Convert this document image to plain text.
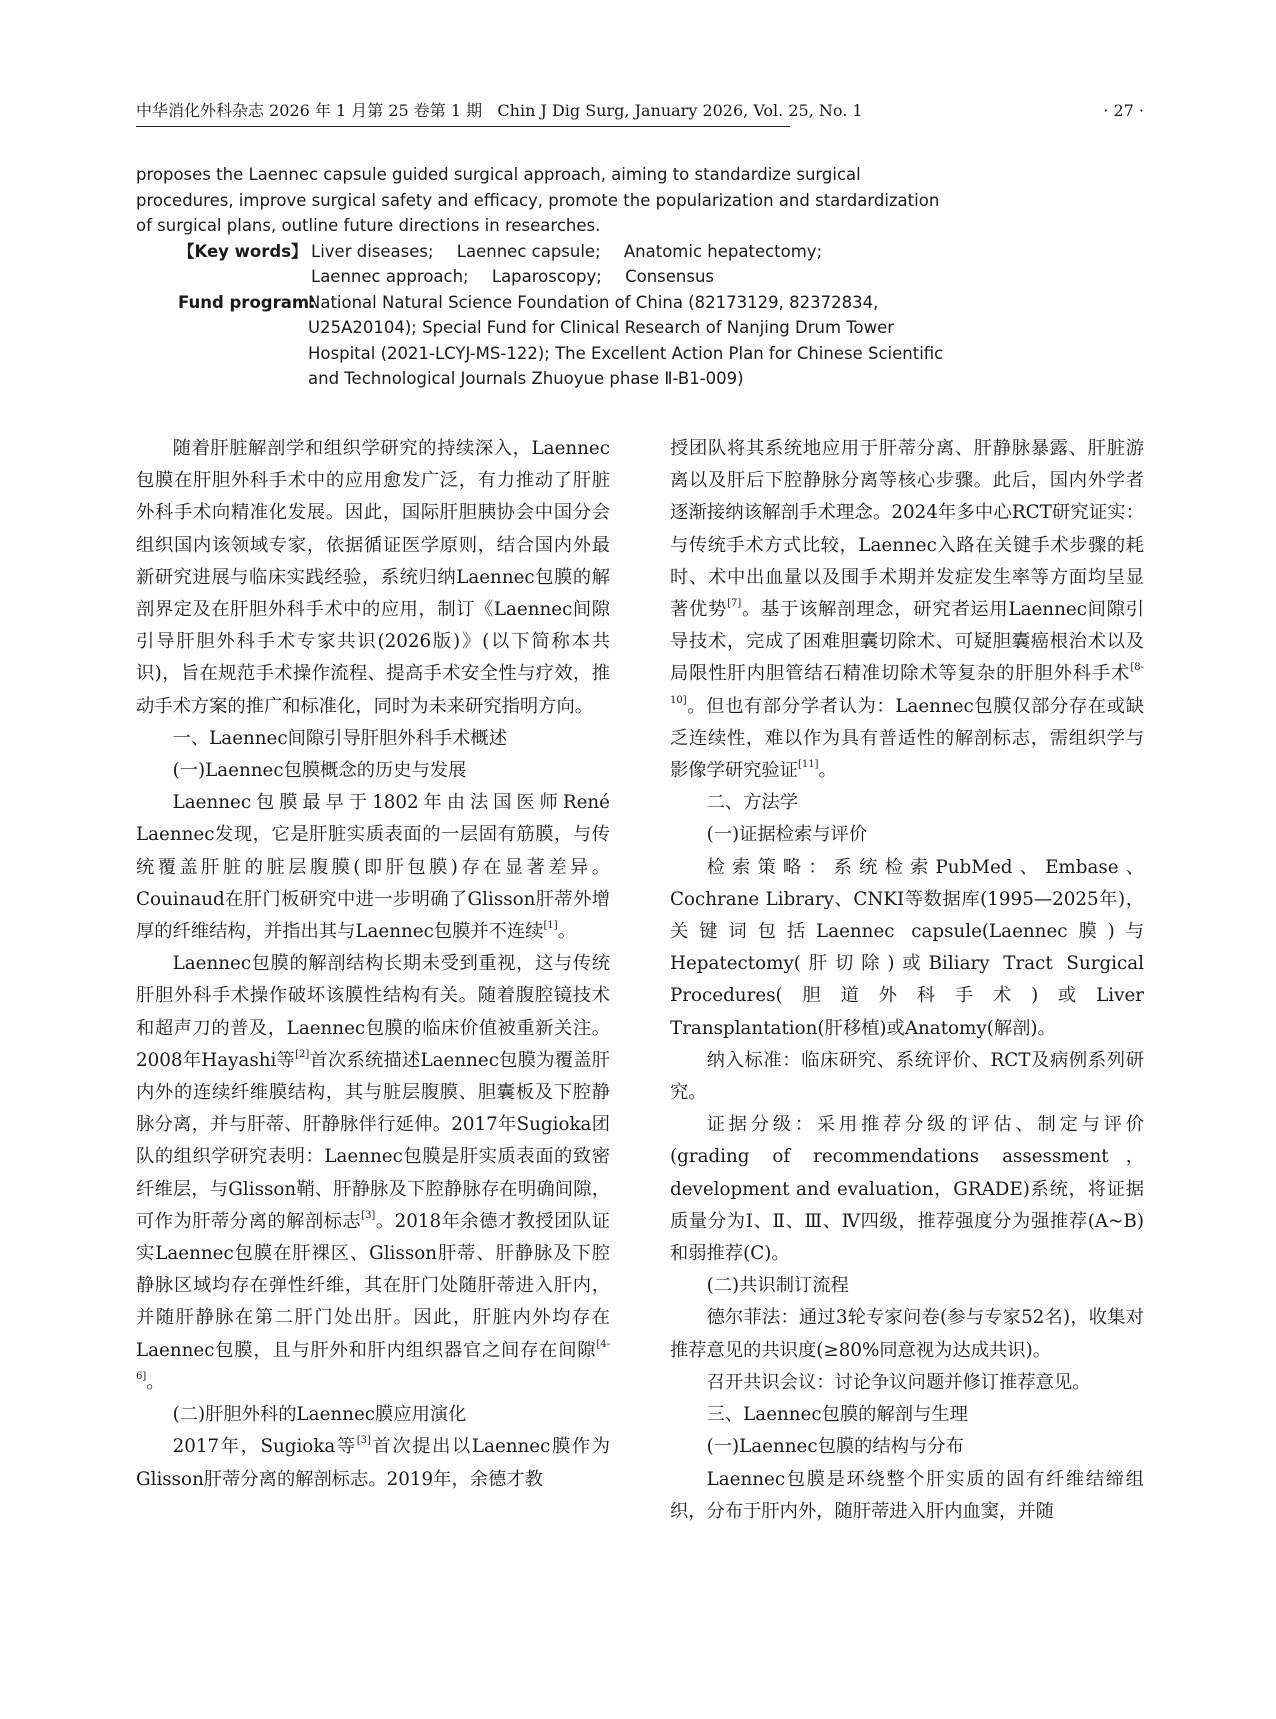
中华消化外科杂志 2026 年 1 月第 25 卷第 1 期 Chin J Dig Surg, January 2026, Vol. 25, No. 1	· 27 ·

proposes the Laennec capsule guided surgical approach, aiming to standardize surgical procedures, improve surgical safety and efficacy, promote the popularization and stardardization of surgical plans, outline future directions in researches.

【Key words】 Liver diseases; Laennec capsule; Anatomic hepatectomy; Laennec approach; Laparoscopy; Consensus
Fund program:
National Natural Science Foundation of China (82173129, 82372834, U25A20104); Special Fund for Clinical Research of Nanjing Drum Tower Hospital (2021-LCYJ-MS-122); The Excellent Action Plan for Chinese Scientific and Technological Journals Zhuoyue phase Ⅱ-B1-009)

随着肝脏解剖学和组织学研究的持续深入，Laennec包膜在肝胆外科手术中的应用愈发广泛，有力推动了肝脏外科手术向精准化发展。因此，国际肝胆胰协会中国分会组织国内该领域专家，依据循证医学原则，结合国内外最新研究进展与临床实践经验，系统归纳Laennec包膜的解剖界定及在肝胆外科手术中的应用，制订《Laennec间隙引导肝胆外科手术专家共识(2026版)》(以下简称本共识)，旨在规范手术操作流程、提高手术安全性与疗效，推动手术方案的推广和标准化，同时为未来研究指明方向。

一、Laennec间隙引导肝胆外科手术概述

(一)Laennec包膜概念的历史与发展

Laennec包膜最早于1802年由法国医师René Laennec发现，它是肝脏实质表面的一层固有筋膜，与传统覆盖肝脏的脏层腹膜(即肝包膜)存在显著差异。Couinaud在肝门板研究中进一步明确了Glisson肝蒂外增厚的纤维结构，并指出其与Laennec包膜并不连续[1]。

Laennec包膜的解剖结构长期未受到重视，这与传统肝胆外科手术操作破坏该膜性结构有关。随着腹腔镜技术和超声刀的普及，Laennec包膜的临床价值被重新关注。2008年Hayashi等[2]首次系统描述Laennec包膜为覆盖肝内外的连续纤维膜结构，其与脏层腹膜、胆囊板及下腔静脉分离，并与肝蒂、肝静脉伴行延伸。2017年Sugioka团队的组织学研究表明：Laennec包膜是肝实质表面的致密纤维层，与Glisson鞘、肝静脉及下腔静脉存在明确间隙，可作为肝蒂分离的解剖标志[3]。2018年余德才教授团队证实Laennec包膜在肝裸区、Glisson肝蒂、肝静脉及下腔静脉区域均存在弹性纤维，其在肝门处随肝蒂进入肝内，并随肝静脉在第二肝门处出肝。因此，肝脏内外均存在Laennec包膜，且与肝外和肝内组织器官之间存在间隙[4-6]。

(二)肝胆外科的Laennec膜应用演化

2017年，Sugioka等[3]首次提出以Laennec膜作为Glisson肝蒂分离的解剖标志。2019年，余德才教

授团队将其系统地应用于肝蒂分离、肝静脉暴露、肝脏游离以及肝后下腔静脉分离等核心步骤。此后，国内外学者逐渐接纳该解剖手术理念。2024年多中心RCT研究证实：与传统手术方式比较，Laennec入路在关键手术步骤的耗时、术中出血量以及围手术期并发症发生率等方面均呈显著优势[7]。基于该解剖理念，研究者运用Laennec间隙引导技术，完成了困难胆囊切除术、可疑胆囊癌根治术以及局限性肝内胆管结石精准切除术等复杂的肝胆外科手术[8-10]。但也有部分学者认为：Laennec包膜仅部分存在或缺乏连续性，难以作为具有普适性的解剖标志，需组织学与影像学研究验证[11]。

二、方法学

(一)证据检索与评价

检索策略：系统检索PubMed、Embase、Cochrane Library、CNKI等数据库(1995—2025年)，关键词包括Laennec capsule(Laennec膜)与Hepatectomy(肝切除)或Biliary Tract Surgical Procedures(胆道外科手术)或Liver Transplantation(肝移植)或Anatomy(解剖)。

纳入标准：临床研究、系统评价、RCT及病例系列研究。

证据分级：采用推荐分级的评估、制定与评价(grading of recommendations assessment，development and evaluation，GRADE)系统，将证据质量分为Ⅰ、Ⅱ、Ⅲ、Ⅳ四级，推荐强度分为强推荐(A~B)和弱推荐(C)。

(二)共识制订流程

德尔菲法：通过3轮专家问卷(参与专家52名)，收集对推荐意见的共识度(≥80%同意视为达成共识)。

召开共识会议：讨论争议问题并修订推荐意见。

三、Laennec包膜的解剖与生理

(一)Laennec包膜的结构与分布

Laennec包膜是环绕整个肝实质的固有纤维结缔组织，分布于肝内外，随肝蒂进入肝内血窦，并随
